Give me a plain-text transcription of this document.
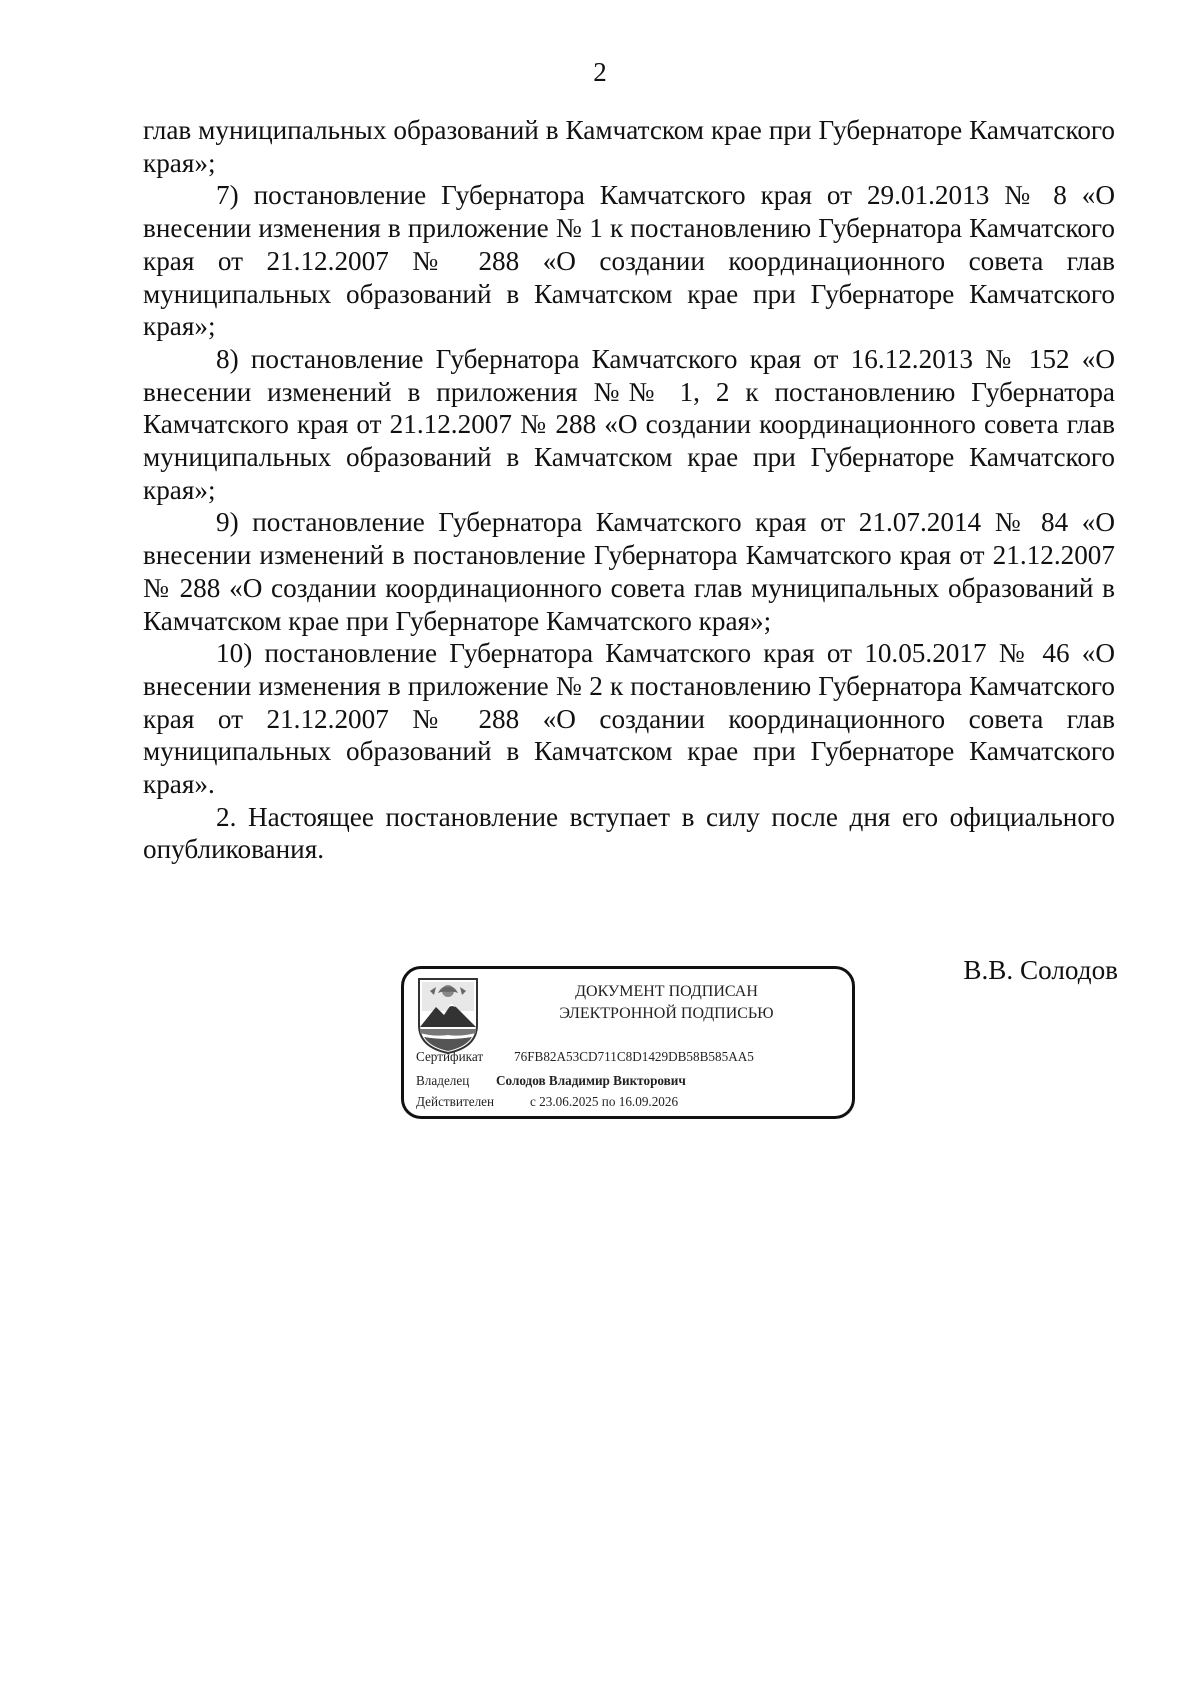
2

глав муниципальных образований в Камчатском крае при Губернаторе Камчатского края»;

7) постановление Губернатора Камчатского края от 29.01.2013 № 8 «О внесении изменения в приложение № 1 к постановлению Губернатора Камчатского края от 21.12.2007 № 288 «О создании координационного совета глав муниципальных образований в Камчатском крае при Губернаторе Камчатского края»;

8) постановление Губернатора Камчатского края от 16.12.2013 № 152 «О внесении изменений в приложения №№ 1, 2 к постановлению Губернатора Камчатского края от 21.12.2007 № 288 «О создании координационного совета глав муниципальных образований в Камчатском крае при Губернаторе Камчатского края»;

9) постановление Губернатора Камчатского края от 21.07.2014 № 84 «О внесении изменений в постановление Губернатора Камчатского края от 21.12.2007 № 288 «О создании координационного совета глав муниципальных образований в Камчатском крае при Губернаторе Камчатского края»;

10) постановление Губернатора Камчатского края от 10.05.2017 № 46 «О внесении изменения в приложение № 2 к постановлению Губернатора Камчатского края от 21.12.2007 № 288 «О создании координационного совета глав муниципальных образований в Камчатском крае при Губернаторе Камчатского края».

2. Настоящее постановление вступает в силу после дня его официального опубликования.

ДОКУМЕНТ ПОДПИСАН
ЭЛЕКТРОННОЙ ПОДПИСЬЮ
Сертификат 76FB82A53CD711C8D1429DB58B585AA5
Владелец Солодов Владимир Викторович
Действителен	с 23.06.2025 по 16.09.2026
В.В. Солодов
